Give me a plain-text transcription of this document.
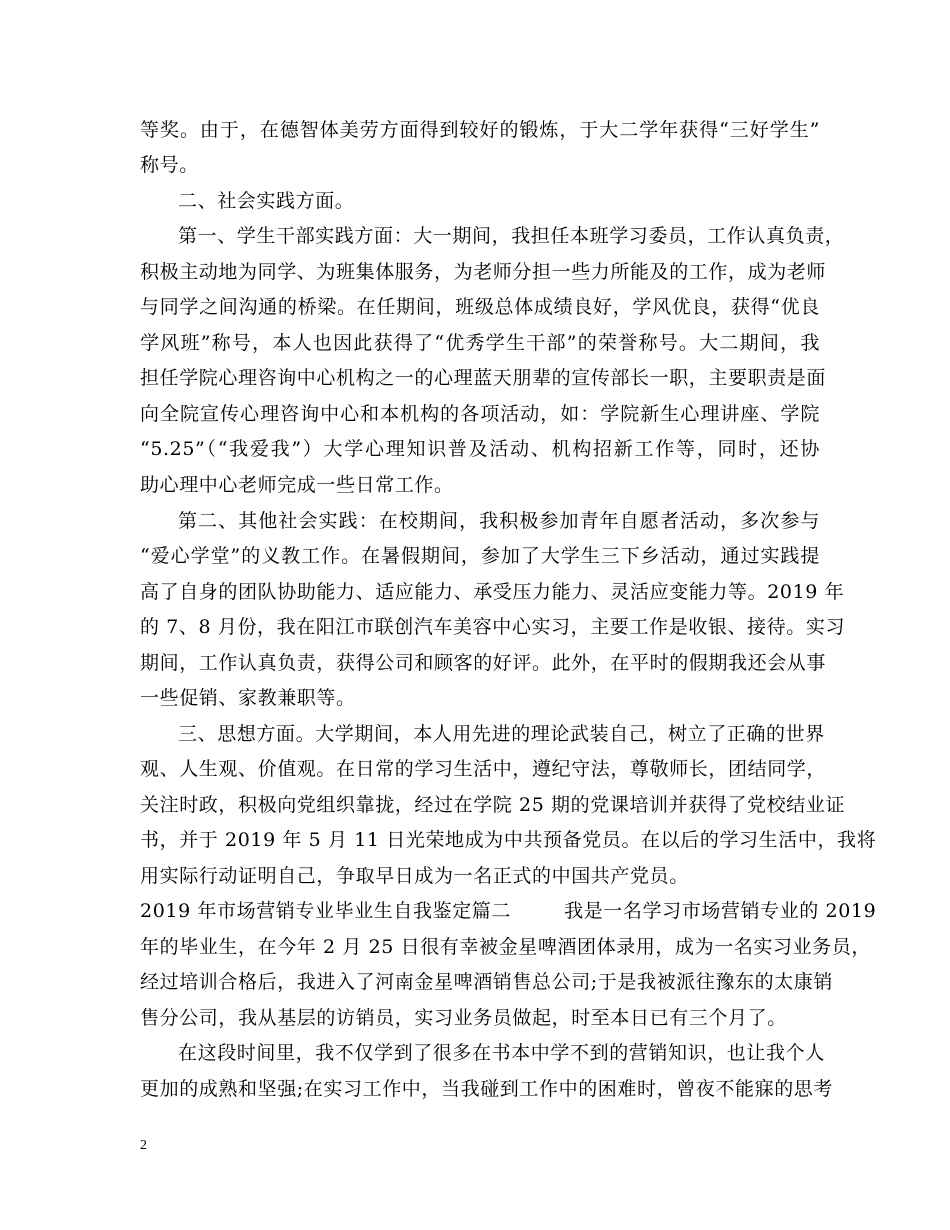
等奖。由于，在德智体美劳方面得到较好的锻炼，于大二学年获得“三好学生”
称号。
二、社会实践方面。
第一、学生干部实践方面：大一期间，我担任本班学习委员，工作认真负责，
积极主动地为同学、为班集体服务，为老师分担一些力所能及的工作，成为老师
与同学之间沟通的桥梁。在任期间，班级总体成绩良好，学风优良，获得“优良
学风班”称号，本人也因此获得了“优秀学生干部”的荣誉称号。大二期间，我
担任学院心理咨询中心机构之一的心理蓝天朋辈的宣传部长一职，主要职责是面
向全院宣传心理咨询中心和本机构的各项活动，如：学院新生心理讲座、学院
“5.25”（“我爱我”）大学心理知识普及活动、机构招新工作等，同时，还协
助心理中心老师完成一些日常工作。
第二、其他社会实践：在校期间，我积极参加青年自愿者活动，多次参与
“爱心学堂”的义教工作。在暑假期间，参加了大学生三下乡活动，通过实践提
高了自身的团队协助能力、适应能力、承受压力能力、灵活应变能力等。2019 年
的 7、8 月份，我在阳江市联创汽车美容中心实习，主要工作是收银、接待。实习
期间，工作认真负责，获得公司和顾客的好评。此外，在平时的假期我还会从事
一些促销、家教兼职等。
三、思想方面。大学期间，本人用先进的理论武装自己，树立了正确的世界
观、人生观、价值观。在日常的学习生活中，遵纪守法，尊敬师长，团结同学，
关注时政，积极向党组织靠拢，经过在学院 25 期的党课培训并获得了党校结业证
书，并于 2019 年 5 月 11 日光荣地成为中共预备党员。在以后的学习生活中，我将
用实际行动证明自己，争取早日成为一名正式的中国共产党员。
2019 年市场营销专业毕业生自我鉴定篇二        我是一名学习市场营销专业的 2019
年的毕业生，在今年 2 月 25 日很有幸被金星啤酒团体录用，成为一名实习业务员，
经过培训合格后，我进入了河南金星啤酒销售总公司;于是我被派往豫东的太康销
售分公司，我从基层的访销员，实习业务员做起，时至本日已有三个月了。
在这段时间里，我不仅学到了很多在书本中学不到的营销知识，也让我个人
更加的成熟和坚强;在实习工作中，当我碰到工作中的困难时，曾夜不能寐的思考
2
